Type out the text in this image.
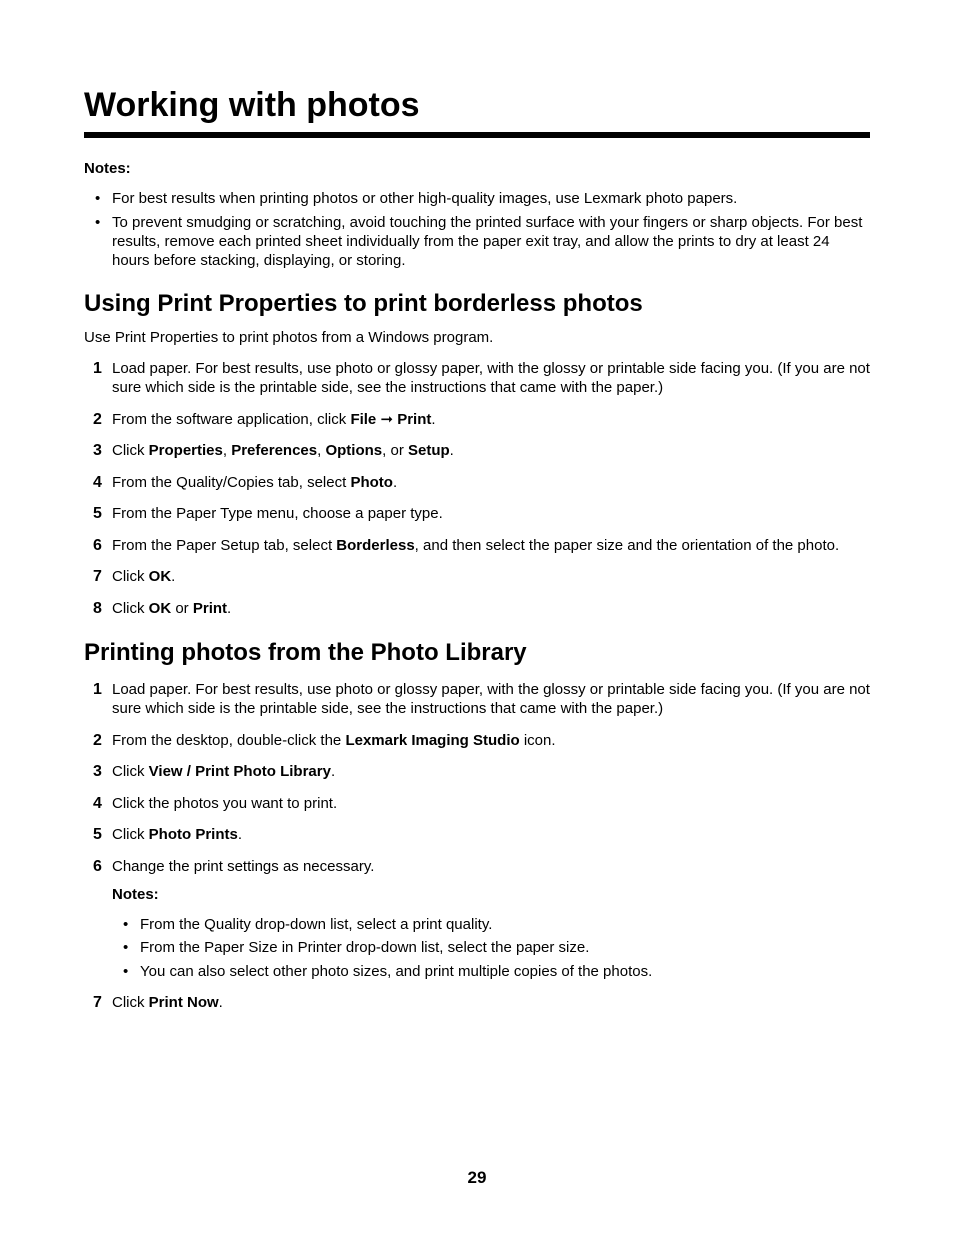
Working with photos
Notes:
• For best results when printing photos or other high-quality images, use Lexmark photo papers.
• To prevent smudging or scratching, avoid touching the printed surface with your fingers or sharp objects. For best results, remove each printed sheet individually from the paper exit tray, and allow the prints to dry at least 24 hours before stacking, displaying, or storing.
Using Print Properties to print borderless photos
Use Print Properties to print photos from a Windows program.
1 Load paper. For best results, use photo or glossy paper, with the glossy or printable side facing you. (If you are not sure which side is the printable side, see the instructions that came with the paper.)
2 From the software application, click File ➞ Print.
3 Click Properties, Preferences, Options, or Setup.
4 From the Quality/Copies tab, select Photo.
5 From the Paper Type menu, choose a paper type.
6 From the Paper Setup tab, select Borderless, and then select the paper size and the orientation of the photo.
7 Click OK.
8 Click OK or Print.
Printing photos from the Photo Library
1 Load paper. For best results, use photo or glossy paper, with the glossy or printable side facing you. (If you are not sure which side is the printable side, see the instructions that came with the paper.)
2 From the desktop, double-click the Lexmark Imaging Studio icon.
3 Click View / Print Photo Library.
4 Click the photos you want to print.
5 Click Photo Prints.
6 Change the print settings as necessary.
Notes:
• From the Quality drop-down list, select a print quality.
• From the Paper Size in Printer drop-down list, select the paper size.
• You can also select other photo sizes, and print multiple copies of the photos.
7 Click Print Now.
29
